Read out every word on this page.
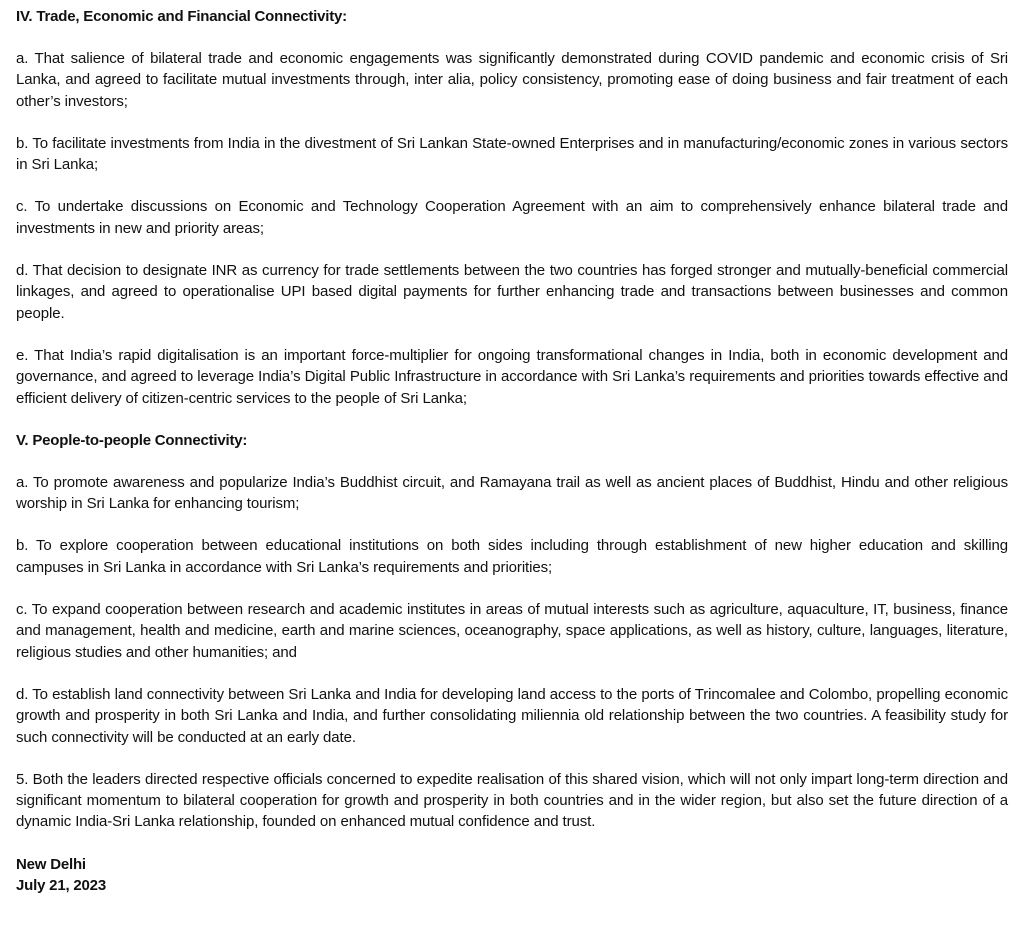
IV. Trade, Economic and Financial Connectivity:

a. That salience of bilateral trade and economic engagements was significantly demonstrated during COVID pandemic and economic crisis of Sri Lanka, and agreed to facilitate mutual investments through, inter alia, policy consistency, promoting ease of doing business and fair treatment of each other’s investors;

b. To facilitate investments from India in the divestment of Sri Lankan State-owned Enterprises and in manufacturing/economic zones in various sectors in Sri Lanka;

c. To undertake discussions on Economic and Technology Cooperation Agreement with an aim to comprehensively enhance bilateral trade and investments in new and priority areas;

d. That decision to designate INR as currency for trade settlements between the two countries has forged stronger and mutually-beneficial commercial linkages, and agreed to operationalise UPI based digital payments for further enhancing trade and transactions between businesses and common people.

e. That India’s rapid digitalisation is an important force-multiplier for ongoing transformational changes in India, both in economic development and governance, and agreed to leverage India’s Digital Public Infrastructure in accordance with Sri Lanka’s requirements and priorities towards effective and efficient delivery of citizen-centric services to the people of Sri Lanka;

V. People-to-people Connectivity:

a. To promote awareness and popularize India’s Buddhist circuit, and Ramayana trail as well as ancient places of Buddhist, Hindu and other religious worship in Sri Lanka for enhancing tourism;

b. To explore cooperation between educational institutions on both sides including through establishment of new higher education and skilling campuses in Sri Lanka in accordance with Sri Lanka’s requirements and priorities;

c. To expand cooperation between research and academic institutes in areas of mutual interests such as agriculture, aquaculture, IT, business, finance and management, health and medicine, earth and marine sciences, oceanography, space applications, as well as history, culture, languages, literature, religious studies and other humanities; and

d. To establish land connectivity between Sri Lanka and India for developing land access to the ports of Trincomalee and Colombo, propelling economic growth and prosperity in both Sri Lanka and India, and further consolidating miliennia old relationship between the two countries. A feasibility study for such connectivity will be conducted at an early date.

5. Both the leaders directed respective officials concerned to expedite realisation of this shared vision, which will not only impart long-term direction and significant momentum to bilateral cooperation for growth and prosperity in both countries and in the wider region, but also set the future direction of a dynamic India-Sri Lanka relationship, founded on enhanced mutual confidence and trust.

New Delhi

July 21, 2023
